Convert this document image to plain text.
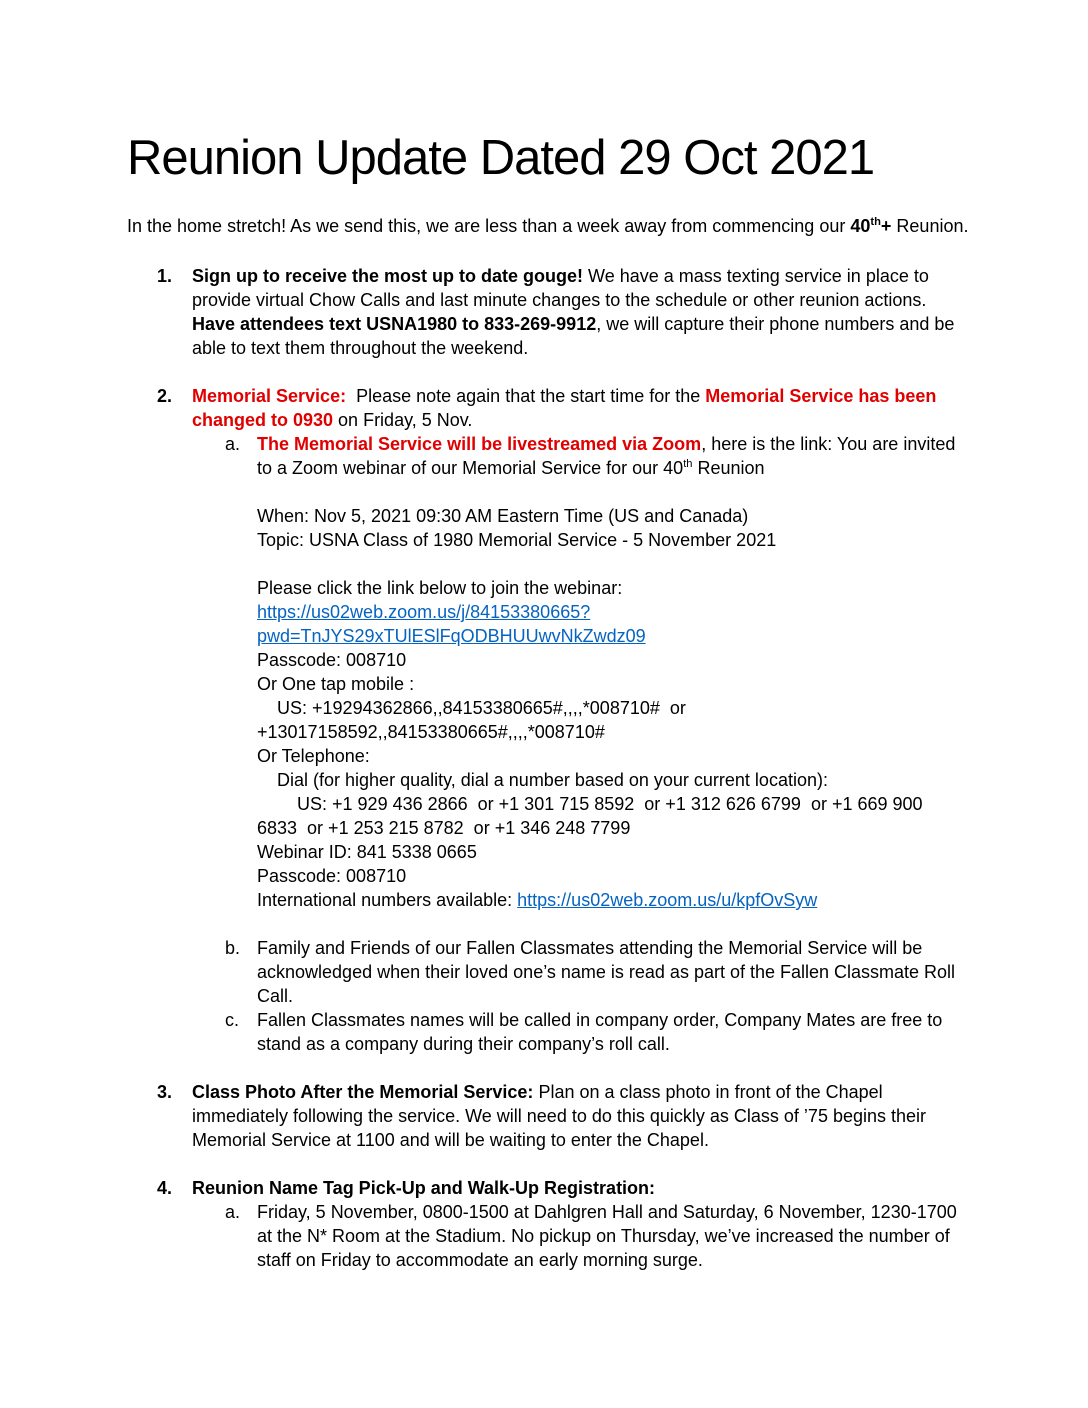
Reunion Update Dated 29 Oct 2021
In the home stretch! As we send this, we are less than a week away from commencing our 40th+ Reunion.
1.	Sign up to receive the most up to date gouge! We have a mass texting service in place to provide virtual Chow Calls and last minute changes to the schedule or other reunion actions. Have attendees text USNA1980 to 833-269-9912, we will capture their phone numbers and be able to text them throughout the weekend.
2.	Memorial Service:  Please note again that the start time for the Memorial Service has been changed to 0930 on Friday, 5 Nov.
a. The Memorial Service will be livestreamed via Zoom, here is the link: You are invited to a Zoom webinar of our Memorial Service for our 40th Reunion
When: Nov 5, 2021 09:30 AM Eastern Time (US and Canada)
Topic: USNA Class of 1980 Memorial Service - 5 November 2021
Please click the link below to join the webinar:
https://us02web.zoom.us/j/84153380665?pwd=TnJYS29xTUlESlFqODBHUUwvNkZwdz09
Passcode: 008710
Or One tap mobile :
US: +19294362866,,84153380665#,,,,*008710#  or
+13017158592,,84153380665#,,,,*008710#
Or Telephone:
Dial (for higher quality, dial a number based on your current location):
US: +1 929 436 2866  or +1 301 715 8592  or +1 312 626 6799  or +1 669 900
6833  or +1 253 215 8782  or +1 346 248 7799
Webinar ID: 841 5338 0665
Passcode: 008710
International numbers available: https://us02web.zoom.us/u/kpfOvSyw
b. Family and Friends of our Fallen Classmates attending the Memorial Service will be acknowledged when their loved one’s name is read as part of the Fallen Classmate Roll Call.
c. Fallen Classmates names will be called in company order, Company Mates are free to stand as a company during their company’s roll call.
3.	Class Photo After the Memorial Service: Plan on a class photo in front of the Chapel immediately following the service. We will need to do this quickly as Class of ’75 begins their Memorial Service at 1100 and will be waiting to enter the Chapel.
4.	Reunion Name Tag Pick-Up and Walk-Up Registration:
a. Friday, 5 November, 0800-1500 at Dahlgren Hall and Saturday, 6 November, 1230-1700 at the N* Room at the Stadium. No pickup on Thursday, we’ve increased the number of staff on Friday to accommodate an early morning surge.
